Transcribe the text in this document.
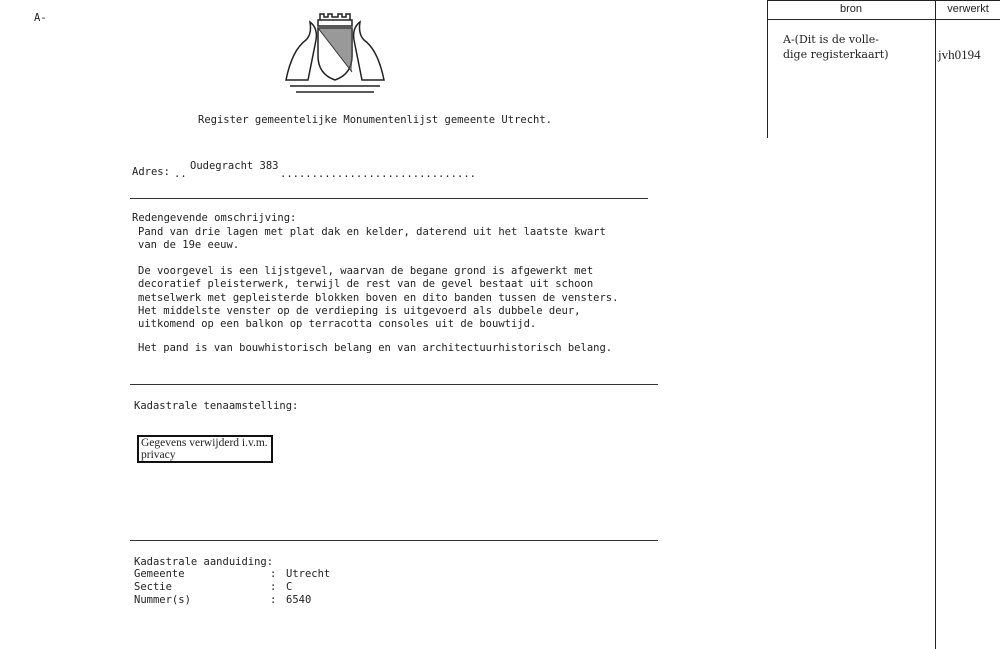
A-
Register gemeentelijke Monumentenlijst gemeente Utrecht.
Adres: ..
Oudegracht 383
...............................
Redengevende omschrijving:
Pand van drie lagen met plat dak en kelder, daterend uit het laatste kwart
van de 19e eeuw.
De voorgevel is een lijstgevel, waarvan de begane grond is afgewerkt met
decoratief pleisterwerk, terwijl de rest van de gevel bestaat uit schoon
metselwerk met gepleisterde blokken boven en dito banden tussen de vensters.
Het middelste venster op de verdieping is uitgevoerd als dubbele deur,
uitkomend op een balkon op terracotta consoles uit de bouwtijd.
Het pand is van bouwhistorisch belang en van architectuurhistorisch belang.
Kadastrale tenaamstelling:
Gegevens verwijderd i.v.m.
privacy
Kadastrale aanduiding:
Gemeente	: Utrecht
Sectie	: C
Nummer(s)	: 6540
bron	verwerkt
A-(Dit is de volle-
dige registerkaart)	jvh0194
